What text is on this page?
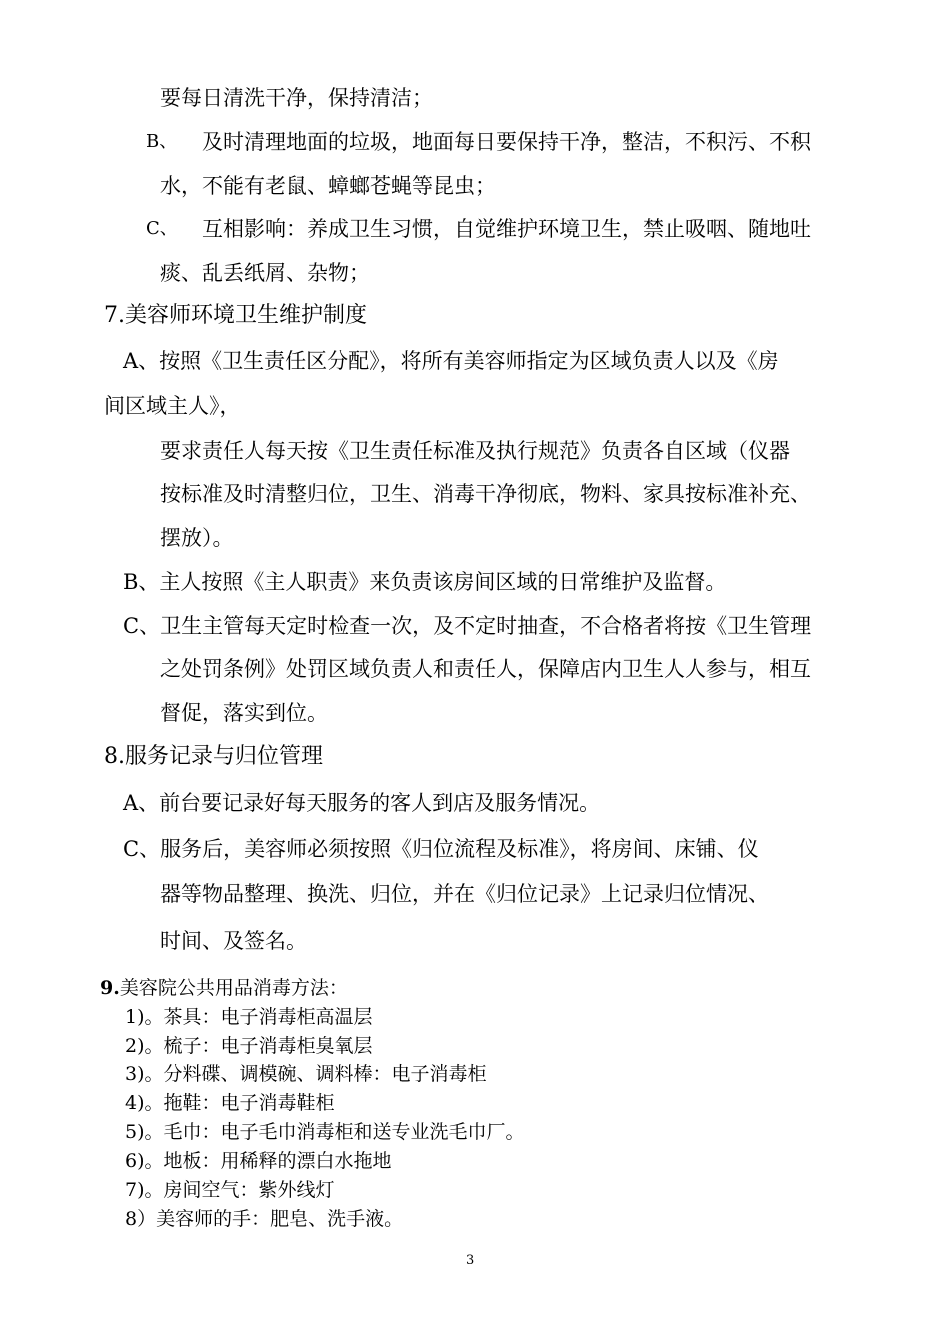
要每日清洗干净，保持清洁；
B、 及时清理地面的垃圾，地面每日要保持干净，整洁，不积污、不积
水，不能有老鼠、蟑螂苍蝇等昆虫；
C、 互相影响：养成卫生习惯，自觉维护环境卫生，禁止吸咽、随地吐
痰、乱丢纸屑、杂物；
7.美容师环境卫生维护制度
A、按照《卫生责任区分配》，将所有美容师指定为区域负责人以及《房
间区域主人》，
要求责任人每天按《卫生责任标准及执行规范》负责各自区域（仪器
按标准及时清整归位，卫生、消毒干净彻底，物料、家具按标准补充、
摆放）。
B、主人按照《主人职责》来负责该房间区域的日常维护及监督。
C、卫生主管每天定时检查一次，及不定时抽查，不合格者将按《卫生管理
之处罚条例》处罚区域负责人和责任人，保障店内卫生人人参与，相互
督促，落实到位。
8.服务记录与归位管理
A、前台要记录好每天服务的客人到店及服务情况。
C、服务后，美容师必须按照《归位流程及标准》，将房间、床铺、仪
器等物品整理、换洗、归位，并在《归位记录》上记录归位情况、
时间、及签名。
9.美容院公共用品消毒方法：
1)。茶具：电子消毒柜高温层
2)。梳子：电子消毒柜臭氧层
3)。分料碟、调模碗、调料棒：电子消毒柜
4)。拖鞋：电子消毒鞋柜
5)。毛巾：电子毛巾消毒柜和送专业洗毛巾厂。
6)。地板：用稀释的漂白水拖地
7)。房间空气：紫外线灯
8）美容师的手：肥皂、洗手液。
3
